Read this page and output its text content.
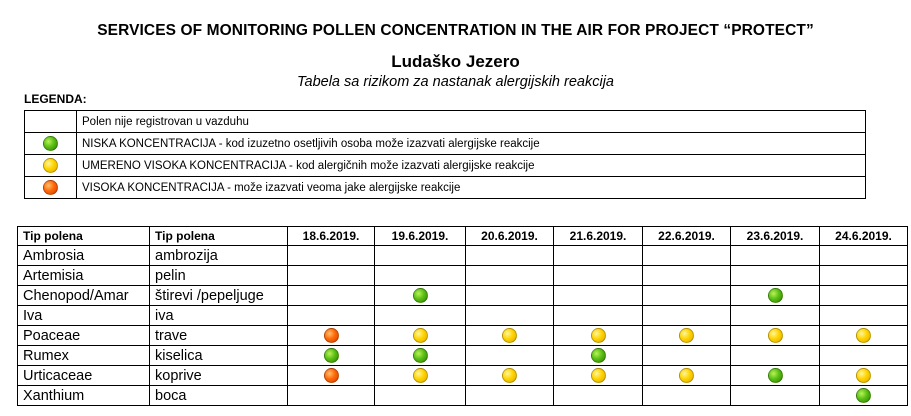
SERVICES OF MONITORING POLLEN CONCENTRATION IN THE AIR FOR PROJECT “PROTECT”
Ludaško Jezero
Tabela sa rizikom za nastanak alergijskih reakcija
LEGENDA:
	Polen nije registrovan u vazduhu
	NISKA KONCENTRACIJA - kod izuzetno osetljivih osoba može izazvati alergijske reakcije
	UMERENO VISOKA KONCENTRACIJA - kod alergičnih može izazvati alergijske reakcije
	VISOKA KONCENTRACIJA - može izazvati veoma jake alergijske reakcije
Tip polena	Tip polena	18.6.2019.	19.6.2019.	20.6.2019.	21.6.2019.	22.6.2019.	23.6.2019.	24.6.2019.
Ambrosia	ambrozija							
Artemisia	pelin							
Chenopod/Amar	štirevi /pepeljuge							
Iva	iva							
Poaceae	trave							
Rumex	kiselica							
Urticaceae	koprive							
Xanthium	boca							
